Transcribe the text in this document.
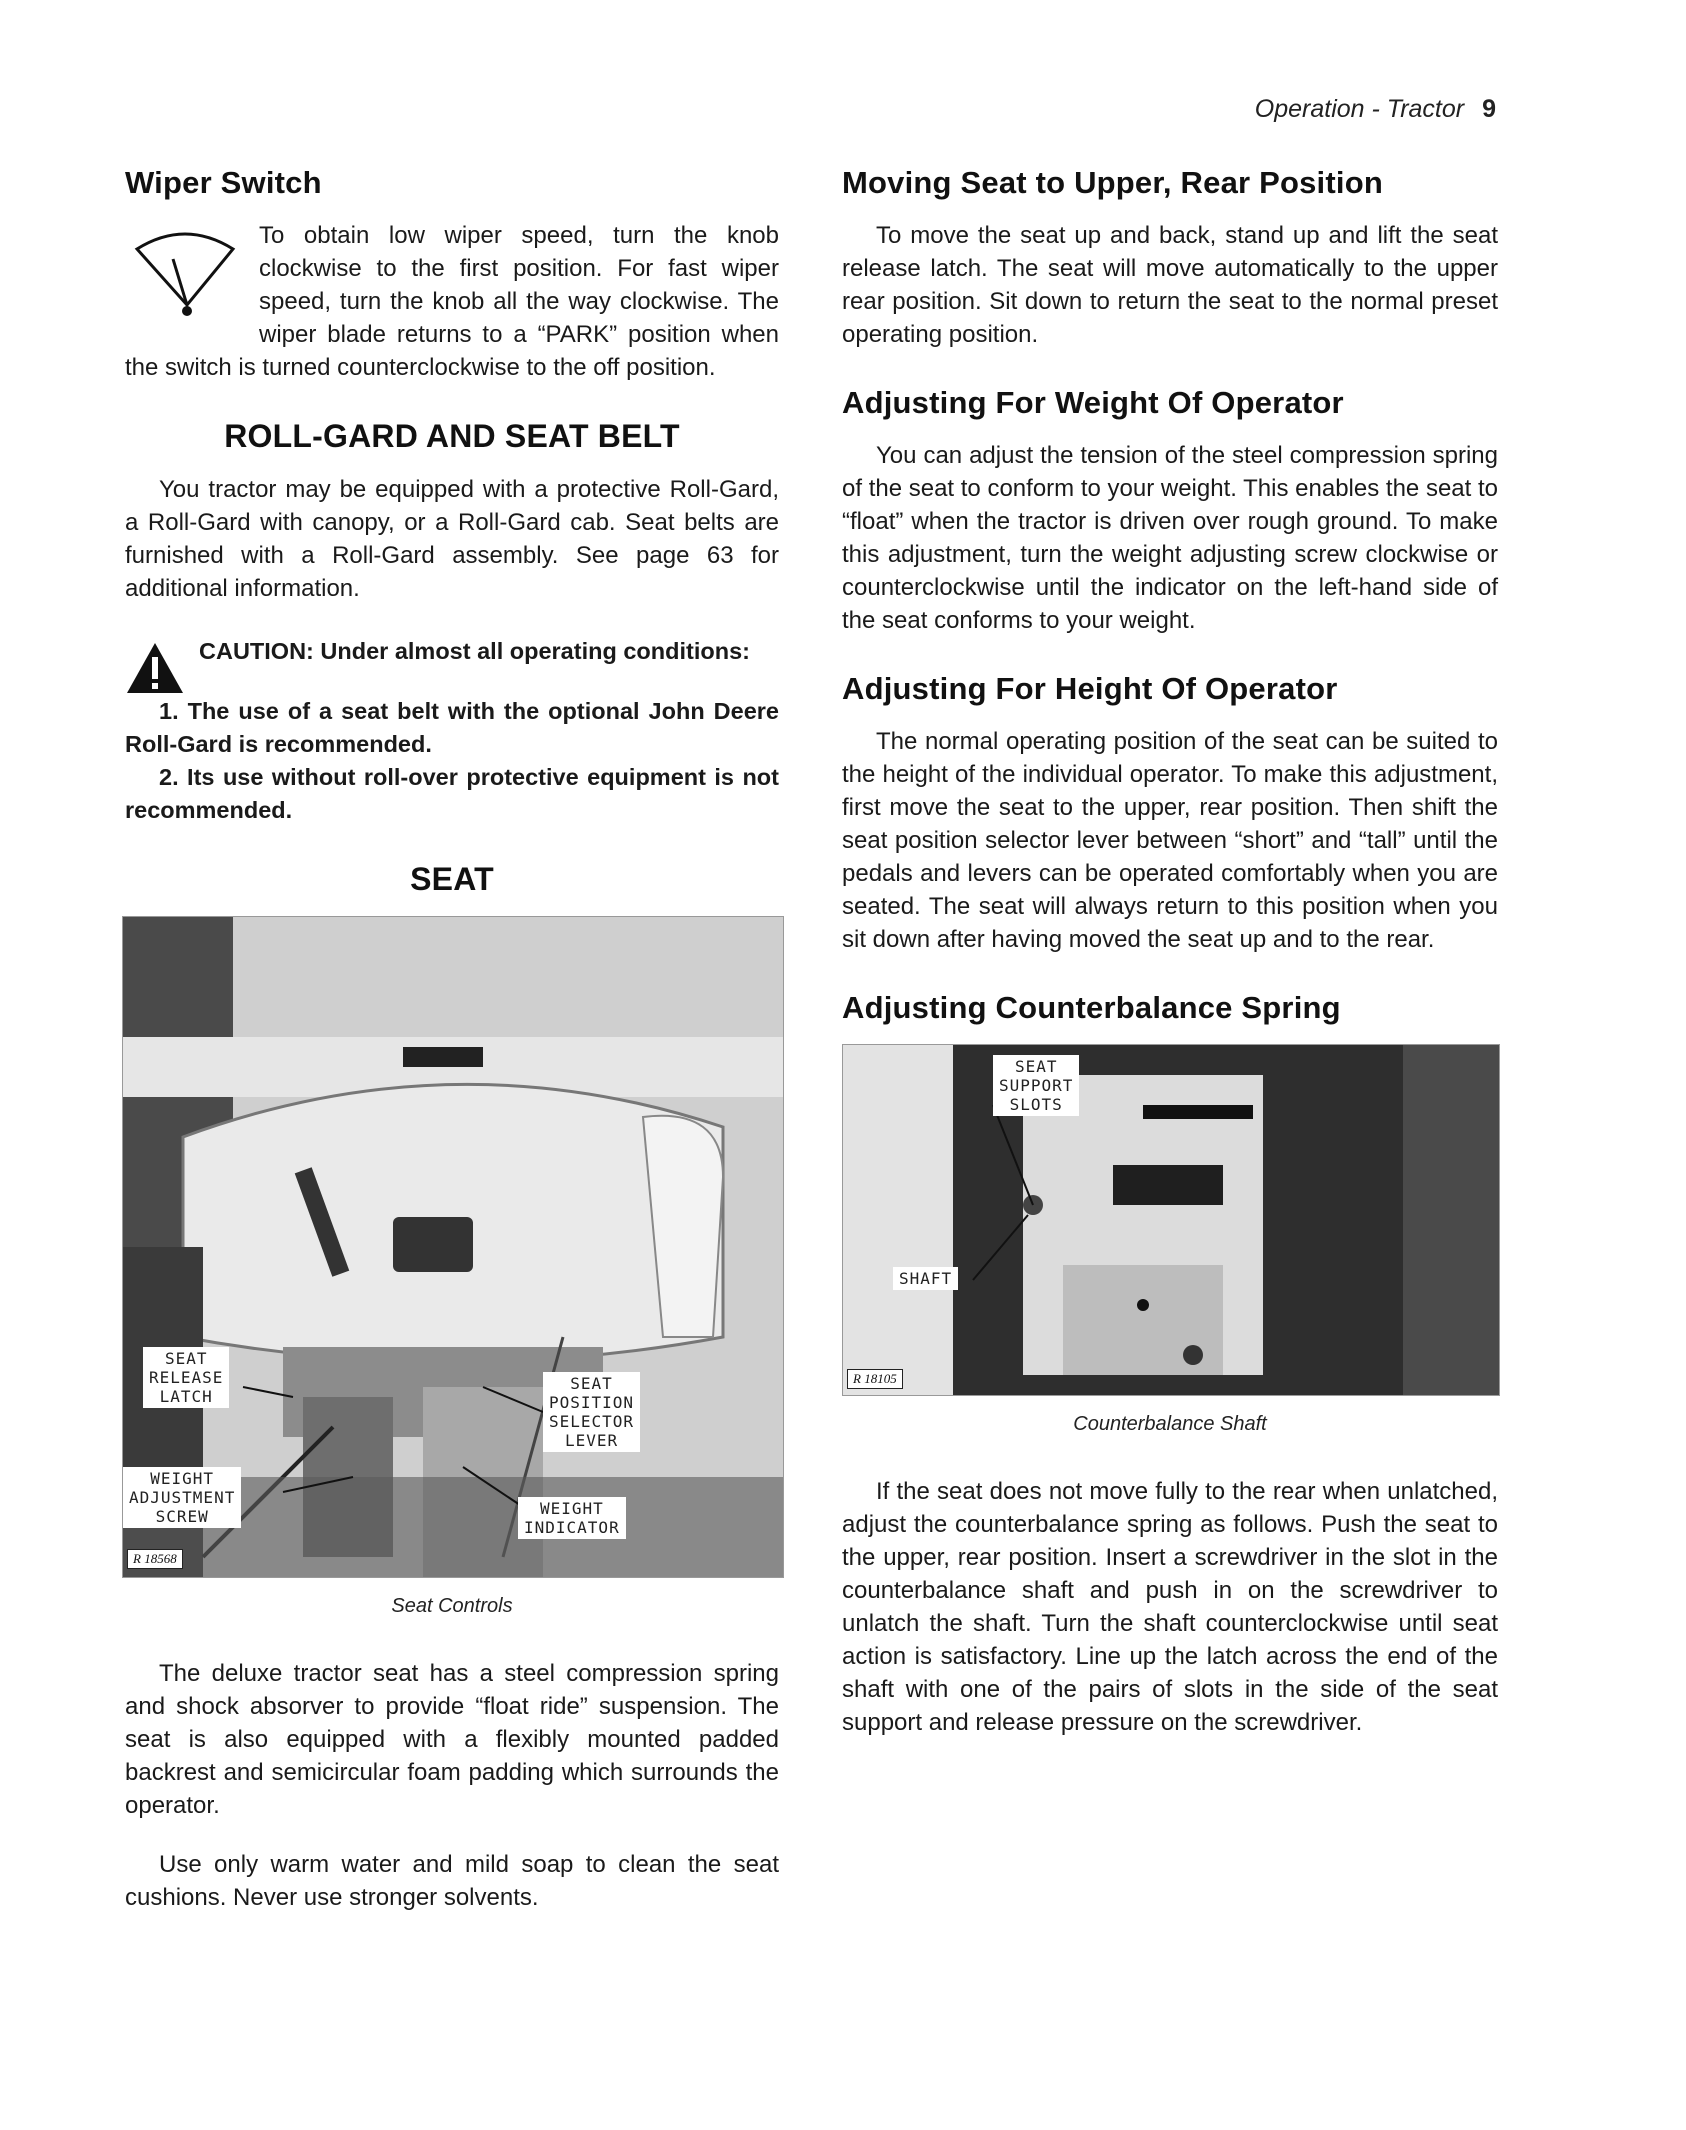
Operation - Tractor 9
Wiper Switch

To obtain low wiper speed, turn the knob clockwise to the first position. For fast wiper speed, turn the knob all the way clockwise. The wiper blade returns to a “PARK” position when the switch is turned counterclockwise to the off position.

ROLL-GARD AND SEAT BELT

You tractor may be equipped with a protective Roll-Gard, a Roll-Gard with canopy, or a Roll-Gard cab. Seat belts are furnished with a Roll-Gard assembly. See page 63 for additional information.

CAUTION: Under almost all operating conditions:

1. The use of a seat belt with the optional John Deere Roll-Gard is recommended.

2. Its use without roll-over protective equipment is not recommended.

SEAT
SEAT
RELEASE
LATCH
SEAT
POSITION
SELECTOR
LEVER
WEIGHT
ADJUSTMENT
SCREW	WEIGHT
INDICATOR
R 18568

Seat Controls

The deluxe tractor seat has a steel compression spring and shock absorver to provide “float ride” suspension. The seat is also equipped with a flexibly mounted padded backrest and semicircular foam padding which surrounds the operator.

Use only warm water and mild soap to clean the seat cushions. Never use stronger solvents.

Moving Seat to Upper, Rear Position

To move the seat up and back, stand up and lift the seat release latch. The seat will move automatically to the upper rear position. Sit down to return the seat to the normal preset operating position.

Adjusting For Weight Of Operator

You can adjust the tension of the steel compression spring of the seat to conform to your weight. This enables the seat to “float” when the tractor is driven over rough ground. To make this adjustment, turn the weight adjusting screw clockwise or counterclockwise until the indicator on the left-hand side of the seat conforms to your weight.

Adjusting For Height Of Operator

The normal operating position of the seat can be suited to the height of the individual operator. To make this adjustment, first move the seat to the upper, rear position. Then shift the seat position selector lever between “short” and “tall” until the pedals and levers can be operated comfortably when you are seated. The seat will always return to this position when you sit down after having moved the seat up and to the rear.

Adjusting Counterbalance Spring
SEAT
SUPPORT
SLOTS
SHAFT
R 18105

Counterbalance Shaft

If the seat does not move fully to the rear when unlatched, adjust the counterbalance spring as follows. Push the seat to the upper, rear position. Insert a screwdriver in the slot in the counterbalance shaft and push in on the screwdriver to unlatch the shaft. Turn the shaft counterclockwise until seat action is satisfactory. Line up the latch across the end of the shaft with one of the pairs of slots in the side of the seat support and release pressure on the screwdriver.
